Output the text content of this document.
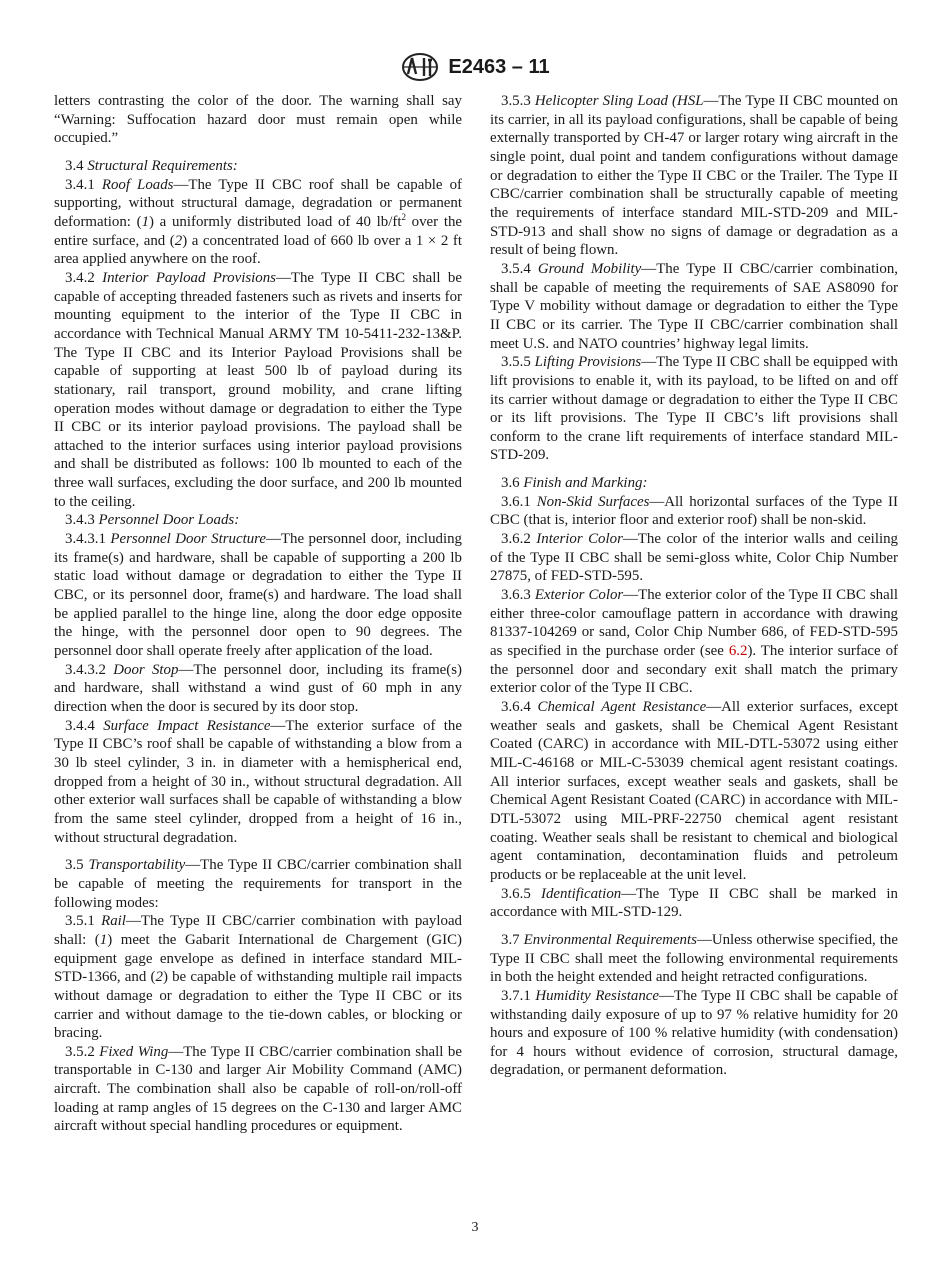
E2463 – 11

letters contrasting the color of the door. The warning shall say “Warning: Suffocation hazard door must remain open while occupied.”

3.4 Structural Requirements:

3.4.1 Roof Loads—The Type II CBC roof shall be capable of supporting, without structural damage, degradation or permanent deformation: (1) a uniformly distributed load of 40 $lb/ft^2$ over the entire surface, and (2) a concentrated load of 660 lb over a 1 × 2 ft area applied anywhere on the roof.

3.4.2 Interior Payload Provisions—The Type II CBC shall be capable of accepting threaded fasteners such as rivets and inserts for mounting equipment to the interior of the Type II CBC in accordance with Technical Manual ARMY TM 10-5411-232-13&P. The Type II CBC and its Interior Payload Provisions shall be capable of supporting at least 500 lb of payload during its stationary, rail transport, ground mobility, and crane lifting operation modes without damage or degradation to either the Type II CBC or its interior payload provisions. The payload shall be attached to the interior surfaces using interior payload provisions and shall be distributed as follows: 100 lb mounted to each of the three wall surfaces, excluding the door surface, and 200 lb mounted to the ceiling.

3.4.3 Personnel Door Loads:

3.4.3.1 Personnel Door Structure—The personnel door, including its frame(s) and hardware, shall be capable of supporting a 200 lb static load without damage or degradation to either the Type II CBC, or its personnel door, frame(s) and hardware. The load shall be applied parallel to the hinge line, along the door edge opposite the hinge, with the personnel door open to 90 degrees. The personnel door shall operate freely after application of the load.

3.4.3.2 Door Stop—The personnel door, including its frame(s) and hardware, shall withstand a wind gust of 60 mph in any direction when the door is secured by its door stop.

3.4.4 Surface Impact Resistance—The exterior surface of the Type II CBC’s roof shall be capable of withstanding a blow from a 30 lb steel cylinder, 3 in. in diameter with a hemispherical end, dropped from a height of 30 in., without structural degradation. All other exterior wall surfaces shall be capable of withstanding a blow from the same steel cylinder, dropped from a height of 16 in., without structural degradation.

3.5 Transportability—The Type II CBC/carrier combination shall be capable of meeting the requirements for transport in the following modes:

3.5.1 Rail—The Type II CBC/carrier combination with payload shall: (1) meet the Gabarit International de Chargement (GIC) equipment gage envelope as defined in interface standard MIL-STD-1366, and (2) be capable of withstanding multiple rail impacts without damage or degradation to either the Type II CBC or its carrier and without damage to the tie-down cables, or blocking or bracing.

3.5.2 Fixed Wing—The Type II CBC/carrier combination shall be transportable in C-130 and larger Air Mobility Command (AMC) aircraft. The combination shall also be capable of roll-on/roll-off loading at ramp angles of 15 degrees on the C-130 and larger AMC aircraft without special handling procedures or equipment.

3.5.3 Helicopter Sling Load (HSL—The Type II CBC mounted on its carrier, in all its payload configurations, shall be capable of being externally transported by CH-47 or larger rotary wing aircraft in the single point, dual point and tandem configurations without damage or degradation to either the Type II CBC or the Trailer. The Type II CBC/carrier combination shall be structurally capable of meeting the requirements of interface standard MIL-STD-209 and MIL-STD-913 and shall show no signs of damage or degradation as a result of being flown.

3.5.4 Ground Mobility—The Type II CBC/carrier combination, shall be capable of meeting the requirements of SAE AS8090 for Type V mobility without damage or degradation to either the Type II CBC or its carrier. The Type II CBC/carrier combination shall meet U.S. and NATO countries’ highway legal limits.

3.5.5 Lifting Provisions—The Type II CBC shall be equipped with lift provisions to enable it, with its payload, to be lifted on and off its carrier without damage or degradation to either the Type II CBC or its lift provisions. The Type II CBC’s lift provisions shall conform to the crane lift requirements of interface standard MIL-STD-209.

3.6 Finish and Marking:

3.6.1 Non-Skid Surfaces—All horizontal surfaces of the Type II CBC (that is, interior floor and exterior roof) shall be non-skid.

3.6.2 Interior Color—The color of the interior walls and ceiling of the Type II CBC shall be semi-gloss white, Color Chip Number 27875, of FED-STD-595.

3.6.3 Exterior Color—The exterior color of the Type II CBC shall either three-color camouflage pattern in accordance with drawing 81337-104269 or sand, Color Chip Number 686, of FED-STD-595 as specified in the purchase order (see 6.2). The interior surface of the personnel door and secondary exit shall match the primary exterior color of the Type II CBC.

3.6.4 Chemical Agent Resistance—All exterior surfaces, except weather seals and gaskets, shall be Chemical Agent Resistant Coated (CARC) in accordance with MIL-DTL-53072 using either MIL-C-46168 or MIL-C-53039 chemical agent resistant coatings. All interior surfaces, except weather seals and gaskets, shall be Chemical Agent Resistant Coated (CARC) in accordance with MIL-DTL-53072 using MIL-PRF-22750 chemical agent resistant coating. Weather seals shall be resistant to chemical and biological agent contamination, decontamination fluids and petroleum products or be replaceable at the unit level.

3.6.5 Identification—The Type II CBC shall be marked in accordance with MIL-STD-129.

3.7 Environmental Requirements—Unless otherwise specified, the Type II CBC shall meet the following environmental requirements in both the height extended and height retracted configurations.

3.7.1 Humidity Resistance—The Type II CBC shall be capable of withstanding daily exposure of up to 97 % relative humidity for 20 hours and exposure of 100 % relative humidity (with condensation) for 4 hours without evidence of corrosion, structural damage, degradation, or permanent deformation.

3
